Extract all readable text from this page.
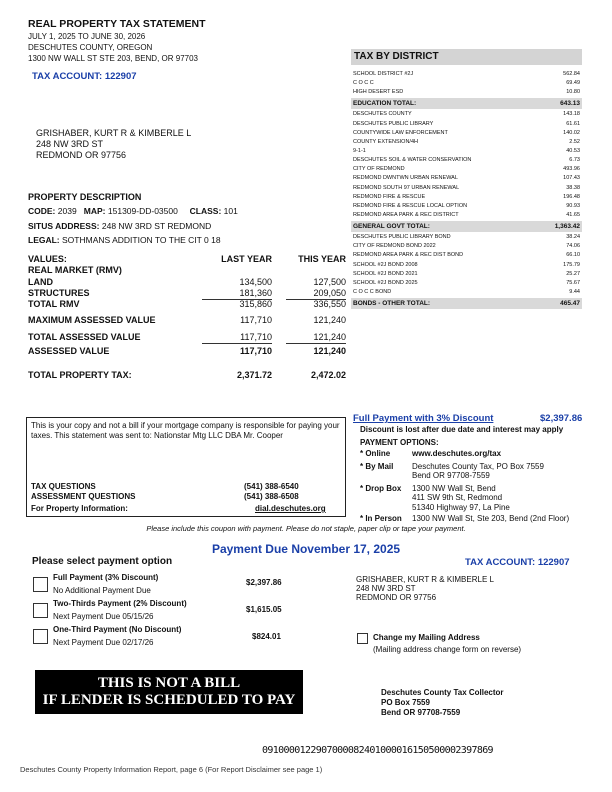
REAL PROPERTY TAX STATEMENT
JULY 1, 2025 TO JUNE 30, 2026
DESCHUTES COUNTY, OREGON
1300 NW WALL ST STE 203, BEND, OR 97703
TAX ACCOUNT: 122907
GRISHABER, KURT R & KIMBERLE L
248 NW 3RD ST
REDMOND OR 97756
PROPERTY DESCRIPTION
CODE: 2039 MAP: 151309-DD-03500 CLASS: 101
SITUS ADDRESS: 248 NW 3RD ST REDMOND
LEGAL: SOTHMANS ADDITION TO THE CIT 0 18
VALUES:	LAST YEAR	THIS YEAR
REAL MARKET (RMV)
LAND	134,500	127,500
STRUCTURES	181,360	209,050
TOTAL RMV	315,860	336,550
MAXIMUM ASSESSED VALUE	117,710	121,240
TOTAL ASSESSED VALUE	117,710	121,240
ASSESSED VALUE	117,710	121,240
TOTAL PROPERTY TAX:	2,371.72	2,472.02
TAX BY DISTRICT
SCHOOL DISTRICT #2J	562.84
C O C C	69.49
HIGH DESERT ESD	10.80
EDUCATION TOTAL:	643.13
DESCHUTES COUNTY	143.18
DESCHUTES PUBLIC LIBRARY	61.61
COUNTYWIDE LAW ENFORCEMENT	140.02
COUNTY EXTENSION/4H	2.52
9-1-1	40.53
DESCHUTES SOIL & WATER CONSERVATION	6.73
CITY OF REDMOND	493.96
REDMOND DWNTWN URBAN RENEWAL	107.43
REDMOND SOUTH 97 URBAN RENEWAL	38.38
REDMOND FIRE & RESCUE	196.48
REDMOND FIRE & RESCUE LOCAL OPTION	90.93
REDMOND AREA PARK & REC DISTRICT	41.65
GENERAL GOVT TOTAL:	1,363.42
DESCHUTES PUBLIC LIBRARY BOND	38.24
CITY OF REDMOND BOND 2022	74.06
REDMOND AREA PARK & REC DIST BOND	66.10
SCHOOL #2J BOND 2008	175.79
SCHOOL #2J BOND 2021	25.27
SCHOOL #2J BOND 2025	75.67
C O C C BOND	9.44
BONDS - OTHER TOTAL:	465.47
This is your copy and not a bill if your mortgage company is responsible for paying your taxes. This statement was sent to: Nationstar Mtg LLC DBA Mr. Cooper
TAX QUESTIONS	(541) 388-6540
ASSESSMENT QUESTIONS	(541) 388-6508
For Property Information:	dial.deschutes.org
Full Payment with 3% Discount	$2,397.86
Discount is lost after due date and interest may apply
PAYMENT OPTIONS:
* Online	www.deschutes.org/tax
* By Mail Deschutes County Tax, PO Box 7559
Bend OR 97708-7559
* Drop Box 1300 NW Wall St, Bend
411 SW 9th St, Redmond
51340 Highway 97, La Pine
* In Person 1300 NW Wall St, Ste 203, Bend (2nd Floor)
Please include this coupon with payment. Please do not staple, paper clip or tape your payment.
Payment Due November 17, 2025
Please select payment option	TAX ACCOUNT: 122907
Full Payment (3% Discount)
No Additional Payment Due
$2,397.86
Two-Thirds Payment (2% Discount)
Next Payment Due 05/15/26
$1,615.05
One-Third Payment (No Discount)
Next Payment Due 02/17/26
$824.01
GRISHABER, KURT R & KIMBERLE L
248 NW 3RD ST
REDMOND OR 97756
Change my Mailing Address
(Mailing address change form on reverse)
THIS IS NOT A BILL
IF LENDER IS SCHEDULED TO PAY	Deschutes County Tax Collector
PO Box 7559
Bend OR 97708-7559
0910000122907000082401000016150500002397869
Deschutes County Property Information Report, page 6 (For Report Disclaimer see page 1)
